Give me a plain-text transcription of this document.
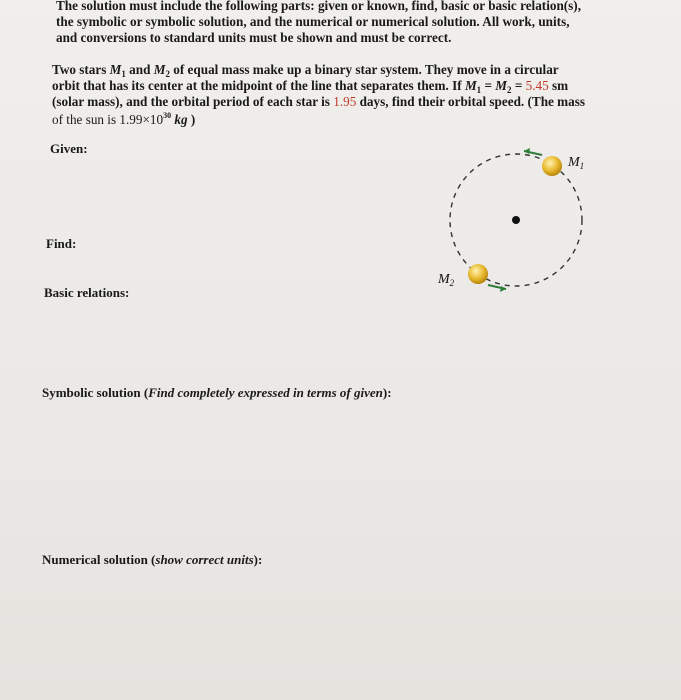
The solution must include the following parts: given or known, find, basic or basic relation(s),
the symbolic or symbolic solution, and the numerical or numerical solution. All work, units,
and conversions to standard units must be shown and must be correct.
Two stars $M_1$ and $M_2$ of equal mass make up a binary star system. They move in a circular
orbit that has its center at the midpoint of the line that separates them. If $M_1 = M_2 = 5.45$ sm
(solar mass), and the orbital period of each star is 1.95 days, find their orbital speed. (The mass
of the sun is $1.99\times 10^{30}$ kg )
Given:
Find:
Basic relations:
Symbolic solution (Find completely expressed in terms of given):
Numerical solution (show correct units):
$M_1$
$M_2$
